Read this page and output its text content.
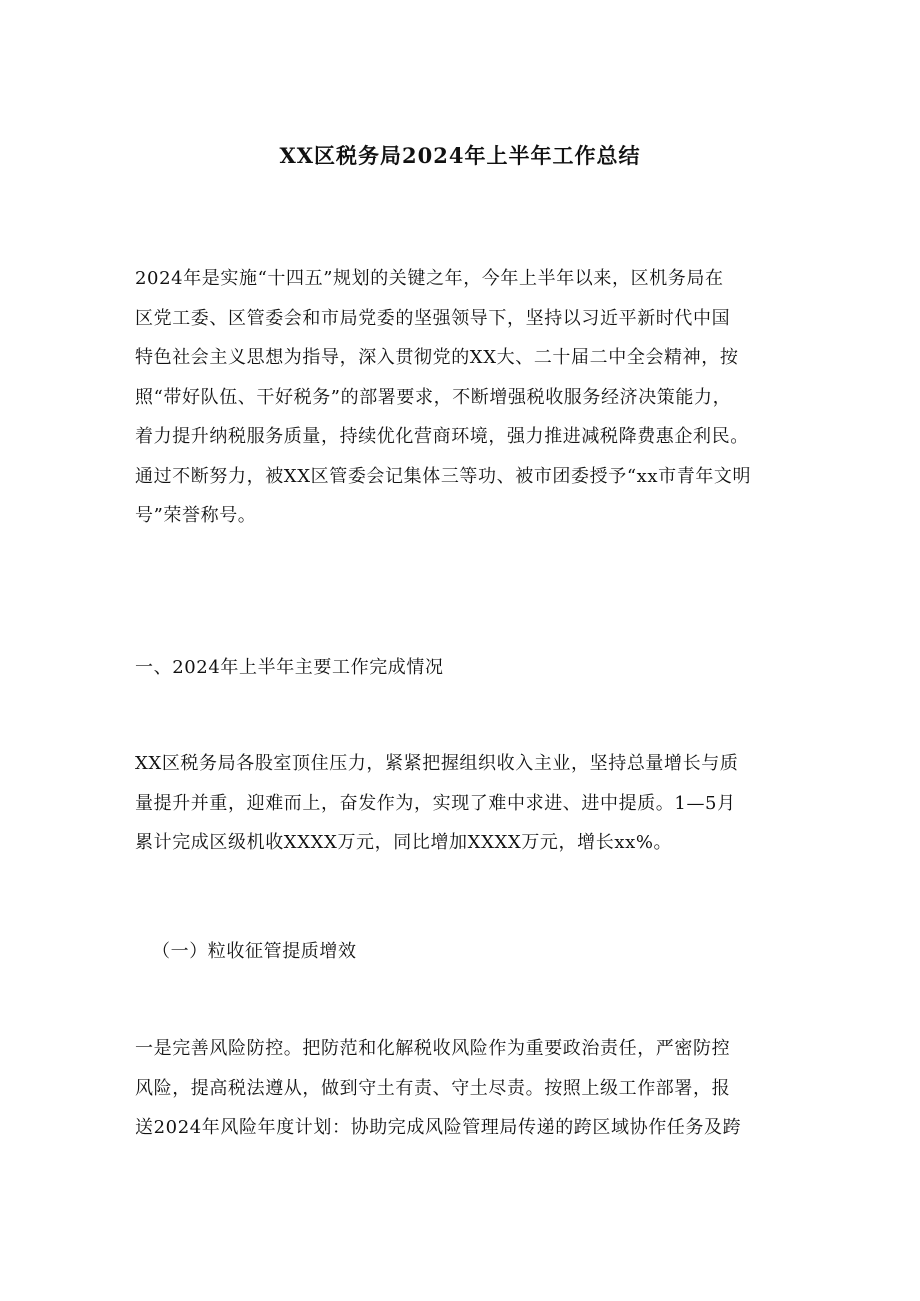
XX区税务局2024年上半年工作总结
2024年是实施“十四五”规划的关键之年，今年上半年以来，区机务局在
区党工委、区管委会和市局党委的坚强领导下，坚持以习近平新时代中国
特色社会主义思想为指导，深入贯彻党的XX大、二十届二中全会精神，按
照“带好队伍、干好税务”的部署要求，不断增强税收服务经济决策能力，
着力提升纳税服务质量，持续优化营商环境，强力推进减税降费惠企利民。
通过不断努力，被XX区管委会记集体三等功、被市团委授予“xx市青年文明
号”荣誉称号。
一、2024年上半年主要工作完成情况
XX区税务局各股室顶住压力，紧紧把握组织收入主业，坚持总量增长与质
量提升并重，迎难而上，奋发作为，实现了难中求进、进中提质。1—5月
累计完成区级机收XXXX万元，同比增加XXXX万元，增长xx%。
（一）粒收征管提质增效
一是完善风险防控。把防范和化解税收风险作为重要政治责任，严密防控
风险，提高税法遵从，做到守土有责、守土尽责。按照上级工作部署，报
送2024年风险年度计划：协助完成风险管理局传递的跨区域协作任务及跨
